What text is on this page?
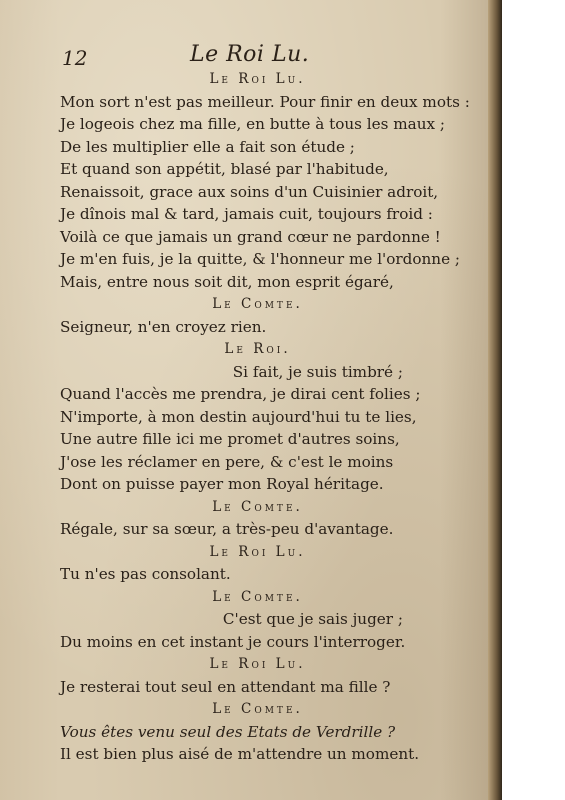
12	Le Roi Lu.
Le Roi Lu.
Mon sort n'est pas meilleur. Pour finir en deux mots :
Je logeois chez ma fille, en butte à tous les maux ;
De les multiplier elle a fait son étude ;
Et quand son appétit, blasé par l'habitude,
Renaissoit, grace aux soins d'un Cuisinier adroit,
Je dînois mal & tard, jamais cuit, toujours froid :
Voilà ce que jamais un grand cœur ne pardonne !
Je m'en fuis, je la quitte, & l'honneur me l'ordonne ;
Mais, entre nous soit dit, mon esprit égaré,
Le Comte.
Seigneur, n'en croyez rien.
Le Roi.
Si fait, je suis timbré ;
Quand l'accès me prendra, je dirai cent folies ;
N'importe, à mon destin aujourd'hui tu te lies,
Une autre fille ici me promet d'autres soins,
J'ose les réclamer en pere, & c'est le moins
Dont on puisse payer mon Royal héritage.
Le Comte.
Régale, sur sa sœur, a très-peu d'avantage.
Le Roi Lu.
Tu n'es pas consolant.
Le Comte.
C'est que je sais juger ;
Du moins en cet instant je cours l'interroger.
Le Roi Lu.
Je resterai tout seul en attendant ma fille ?
Le Comte.
Vous êtes venu seul des Etats de Verdrille ?
Il est bien plus aisé de m'attendre un moment.
